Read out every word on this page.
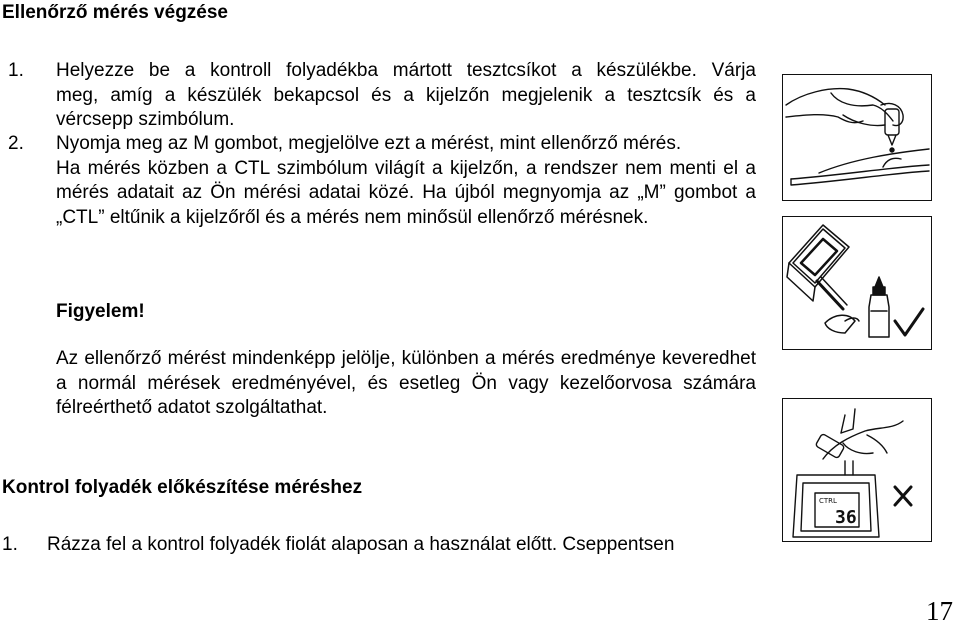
Ellenőrző mérés végzése
1. Helyezze be a kontroll folyadékba mártott tesztcsíkot a készülékbe. Várja
meg, amíg a készülék bekapcsol és a kijelzőn megjelenik a tesztcsík és a vércsepp szimbólum.
2. Nyomja meg az M gombot, megjelölve ezt a mérést, mint ellenőrző mérés.
Ha mérés közben a CTL szimbólum világít a kijelzőn, a rendszer nem menti el a mérés adatait az Ön mérési adatai közé. Ha újból megnyomja az „M” gombot a „CTL” eltűnik a kijelzőről és a mérés nem minősül ellenőrző mérésnek.
Figyelem!
Az ellenőrző mérést mindenképp jelölje, különben a mérés eredménye keveredhet a normál mérések eredményével, és esetleg Ön vagy kezelőorvosa számára félreérthető adatot szolgáltathat.
Kontrol folyadék előkészítése méréshez
1. Rázza fel a kontrol folyadék fiolát alaposan a használat előtt. Cseppentsen
CTRL
36
17
